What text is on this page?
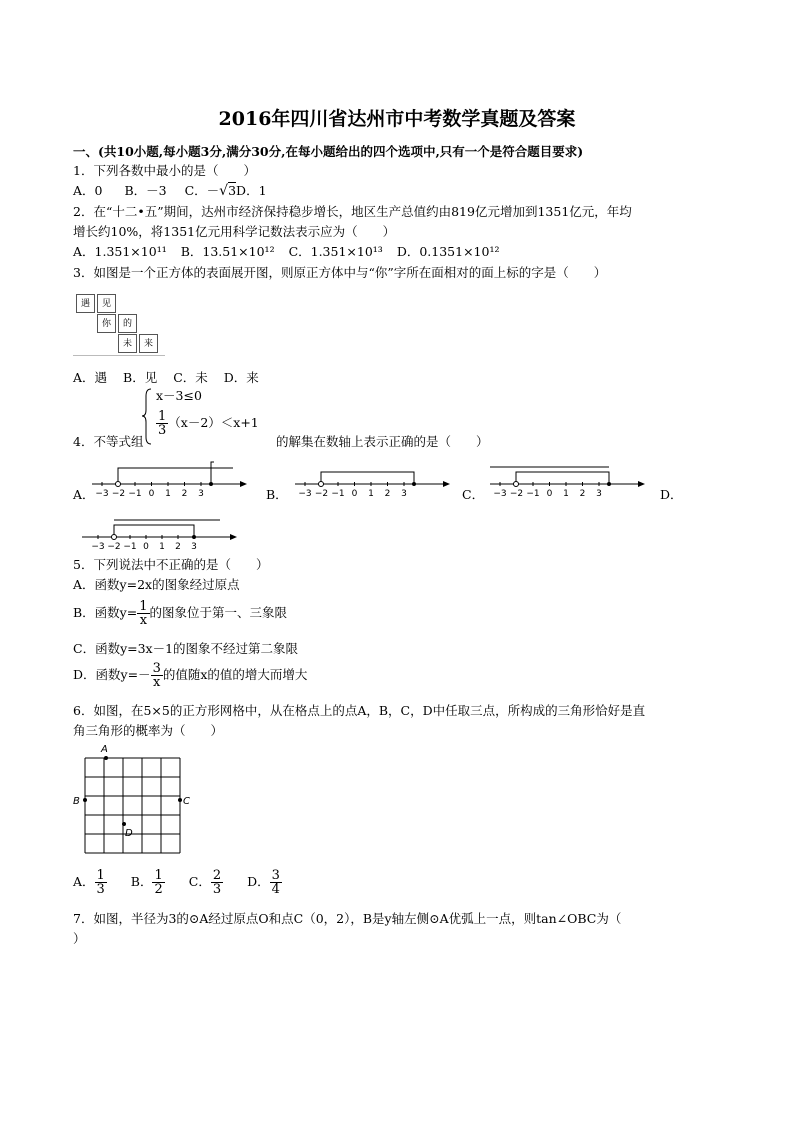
2016年四川省达州市中考数学真题及答案
一、(共10小题,每小题3分,满分30分,在每小题给出的四个选项中,只有一个是符合题目要求)
1．下列各数中最小的是（　　）
A．0 B．－3 C．－√3D．1
2．在“十二•五”期间，达州市经济保持稳步增长，地区生产总值约由819亿元增加到1351亿元，年均
增长约10%，将1351亿元用科学记数法表示应为（　　）
A．1.351×10¹¹ B．13.51×10¹² C．1.351×10¹³ D．0.1351×10¹²
3．如图是一个正方体的表面展开图，则原正方体中与“你”字所在面相对的面上标的字是（　　）
遇	见
你	的
未	来
A．遇 B．见 C．未 D．来
x－3≤0
$\frac{1}{3} (x-2)<x+1$
4．不等式组	的解集在数轴上表示正确的是（　　）
A． −3 −2 −1 0 1 2 3	B． −3 −2 −1 0 1 2 3	C． −3 −2 −1 0 1 2 3	D．
−3 −2 −1 0 1 2 3
5．下列说法中不正确的是（　　）
A．函数y=2x的图象经过原点
B．函数$y= \frac{1}{x}$ 的图象位于第一、三象限
C．函数y=3x－1的图象不经过第二象限
D．函数$y=- \frac{3}{x}$ 的值随x的值的增大而增大
6．如图，在5×5的正方形网格中，从在格点上的点A，B，C，D中任取三点，所构成的三角形恰好是直
角三角形的概率为（　　）
A
B	C
D
A． $\frac{1}{3}$ B． $\frac{1}{2}$ C． $\frac{2}{3}$ D． $\frac{3}{4}$
7．如图，半径为3的⊙A经过原点O和点C（0，2），B是y轴左侧⊙A优弧上一点，则tan∠OBC为（
）
